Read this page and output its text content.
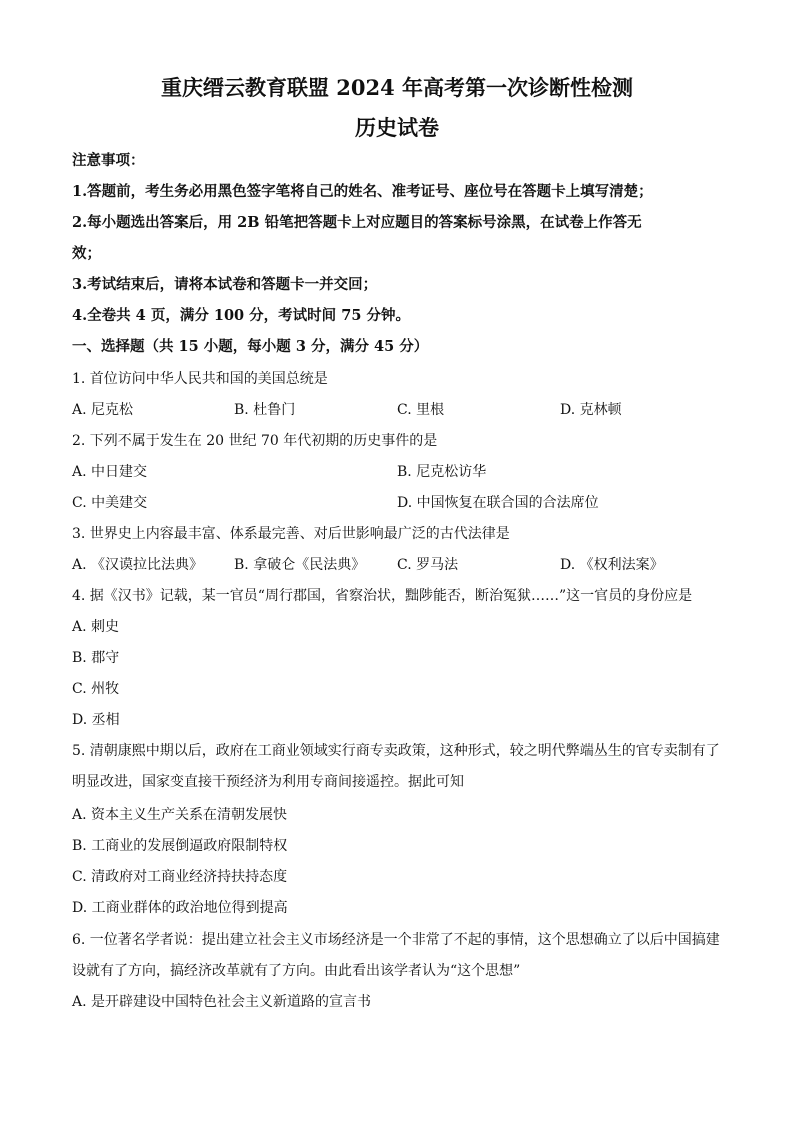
重庆缙云教育联盟 2024 年高考第一次诊断性检测
历史试卷
注意事项：
1.答题前，考生务必用黑色签字笔将自己的姓名、准考证号、座位号在答题卡上填写清楚；
2.每小题选出答案后，用 2B 铅笔把答题卡上对应题目的答案标号涂黑，在试卷上作答无
效；
3.考试结束后，请将本试卷和答题卡一并交回；
4.全卷共 4 页，满分 100 分，考试时间 75 分钟。
一、选择题（共 15 小题，每小题 3 分，满分 45 分）
1. 首位访问中华人民共和国的美国总统是
A. 尼克松	B. 杜鲁门	C. 里根	D. 克林顿
2. 下列不属于发生在 20 世纪 70 年代初期的历史事件的是
A. 中日建交	B. 尼克松访华
C. 中美建交	D. 中国恢复在联合国的合法席位
3. 世界史上内容最丰富、体系最完善、对后世影响最广泛的古代法律是
A. 《汉谟拉比法典》 B. 拿破仑《民法典》 C. 罗马法	D. 《权利法案》
4. 据《汉书》记载，某一官员“周行郡国，省察治状，黜陟能否，断治冤狱……”这一官员的身份应是
A. 刺史
B. 郡守
C. 州牧
D. 丞相
5. 清朝康熙中期以后，政府在工商业领域实行商专卖政策，这种形式，较之明代弊端丛生的官专卖制有了
明显改进，国家变直接干预经济为利用专商间接遥控。据此可知
A. 资本主义生产关系在清朝发展快
B. 工商业的发展倒逼政府限制特权
C. 清政府对工商业经济持扶持态度
D. 工商业群体的政治地位得到提高
6. 一位著名学者说：提出建立社会主义市场经济是一个非常了不起的事情，这个思想确立了以后中国搞建
设就有了方向，搞经济改革就有了方向。由此看出该学者认为“这个思想”
A. 是开辟建设中国特色社会主义新道路的宣言书
